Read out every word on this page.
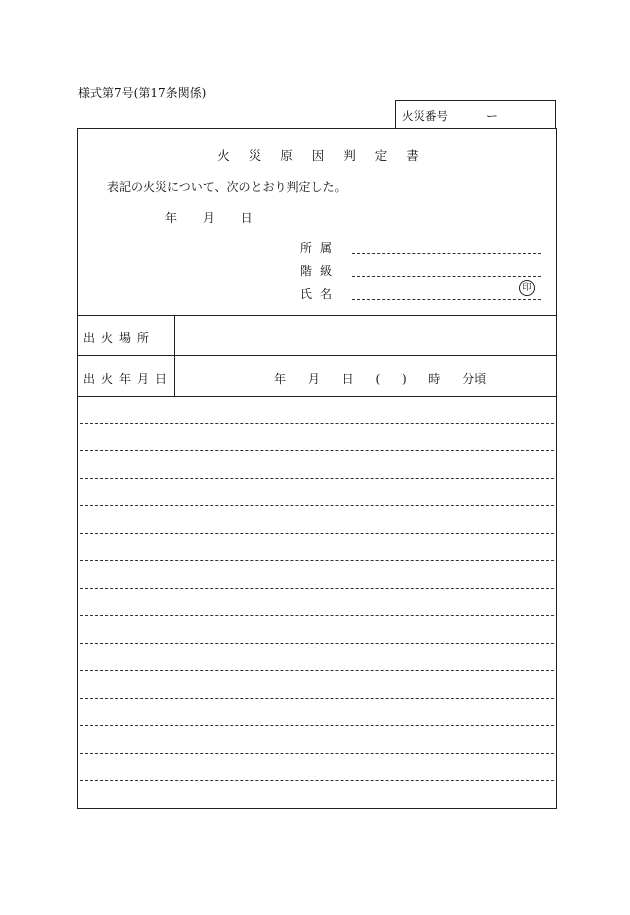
様式第7号(第17条関係)
火災番号	ー
火災原因判定書
表記の火災について、次のとおり判定した。
年 月 日
所属
階級
氏名	印
出火場所
出火年月日	年 月 日 ( ) 時 分頃
